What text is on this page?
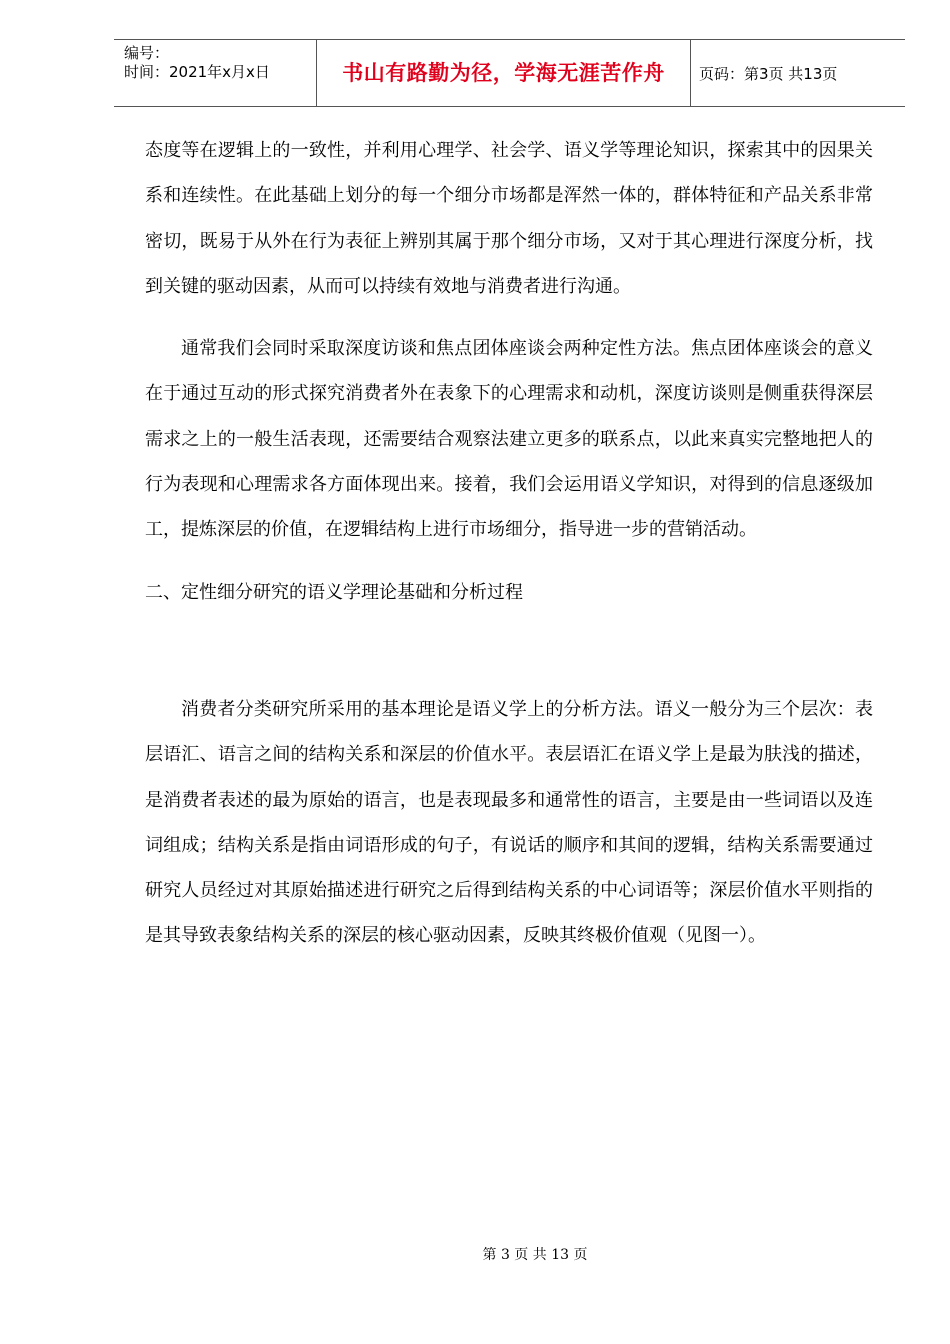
编号：
时间：2021年x月x日	书山有路勤为径，学海无涯苦作舟	页码：第3页 共13页

态度等在逻辑上的一致性，并利用心理学、社会学、语义学等理论知识，探索其中的因果关系和连续性。在此基础上划分的每一个细分市场都是浑然一体的，群体特征和产品关系非常密切，既易于从外在行为表征上辨别其属于那个细分市场，又对于其心理进行深度分析，找到关键的驱动因素，从而可以持续有效地与消费者进行沟通。

通常我们会同时采取深度访谈和焦点团体座谈会两种定性方法。焦点团体座谈会的意义在于通过互动的形式探究消费者外在表象下的心理需求和动机，深度访谈则是侧重获得深层需求之上的一般生活表现，还需要结合观察法建立更多的联系点，以此来真实完整地把人的行为表现和心理需求各方面体现出来。接着，我们会运用语义学知识，对得到的信息逐级加工，提炼深层的价值，在逻辑结构上进行市场细分，指导进一步的营销活动。

二、定性细分研究的语义学理论基础和分析过程

消费者分类研究所采用的基本理论是语义学上的分析方法。语义一般分为三个层次：表层语汇、语言之间的结构关系和深层的价值水平。表层语汇在语义学上是最为肤浅的描述，是消费者表述的最为原始的语言，也是表现最多和通常性的语言，主要是由一些词语以及连词组成；结构关系是指由词语形成的句子，有说话的顺序和其间的逻辑，结构关系需要通过研究人员经过对其原始描述进行研究之后得到结构关系的中心词语等；深层价值水平则指的是其导致表象结构关系的深层的核心驱动因素，反映其终极价值观（见图一）。

第 3 页 共 13 页
